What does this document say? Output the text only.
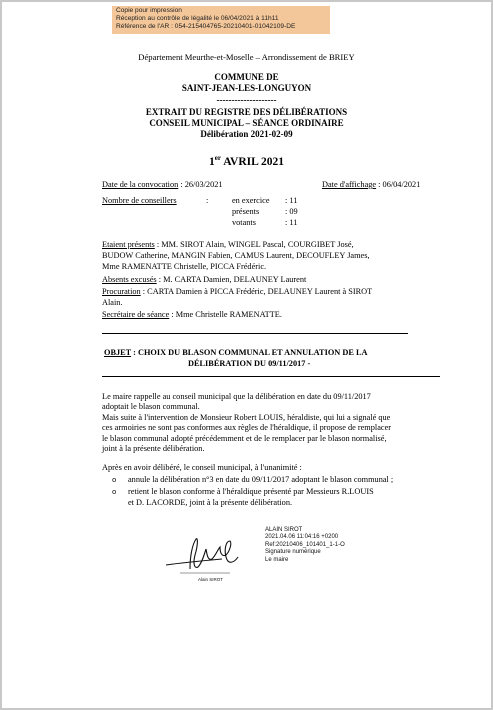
Copie pour impression
Réception au contrôle de légalité le 06/04/2021 à 11h11
Référence de l'AR : 054-215404765-20210401-01042109-DE
Département Meurthe-et-Moselle – Arrondissement de BRIEY
COMMUNE DE
SAINT-JEAN-LES-LONGUYON
--------------------
EXTRAIT DU REGISTRE DES DÉLIBÉRATIONS
CONSEIL MUNICIPAL – SÉANCE ORDINAIRE
Délibération 2021-02-09
1er AVRIL 2021
Date de la convocation : 26/03/2021	Date d'affichage : 06/04/2021
Nombre de conseillers	:	en exercice : 11
présents	: 09
votants	: 11
Etaient présents : MM. SIROT Alain, WINGEL Pascal, COURGIBET José,
BUDOW Catherine, MANGIN Fabien, CAMUS Laurent, DECOUFLEY James,
Mme RAMENATTE Christelle, PICCA Frédéric.
Absents excusés : M. CARTA Damien, DELAUNEY Laurent
Procuration : CARTA Damien à PICCA Frédéric, DELAUNEY Laurent à SIROT
Alain.
Secrétaire de séance : Mme Christelle RAMENATTE.
OBJET : CHOIX DU BLASON COMMUNAL ET ANNULATION DE LA
DÉLIBÉRATION DU 09/11/2017 -
Le maire rappelle au conseil municipal que la délibération en date du 09/11/2017
adoptait le blason communal.
Mais suite à l'intervention de Monsieur Robert LOUIS, héraldiste, qui lui a signalé que
ces armoiries ne sont pas conformes aux règles de l'héraldique, il propose de remplacer
le blason communal adopté précédemment et de le remplacer par le blason normalisé,
joint à la présente délibération.
Après en avoir délibéré, le conseil municipal, à l'unanimité :
o annule la délibération n°3 en date du 09/11/2017 adoptant le blason communal ;
o retient le blason conforme à l'héraldique présenté par Messieurs R.LOUIS
et D. LACORDE, joint à la présente délibération.
ALAIN SIROT
2021.04.06 11:04:16 +0200
Ref:20210406_101401_1-1-O
Signature numérique
Le maire
Alain SIROT
